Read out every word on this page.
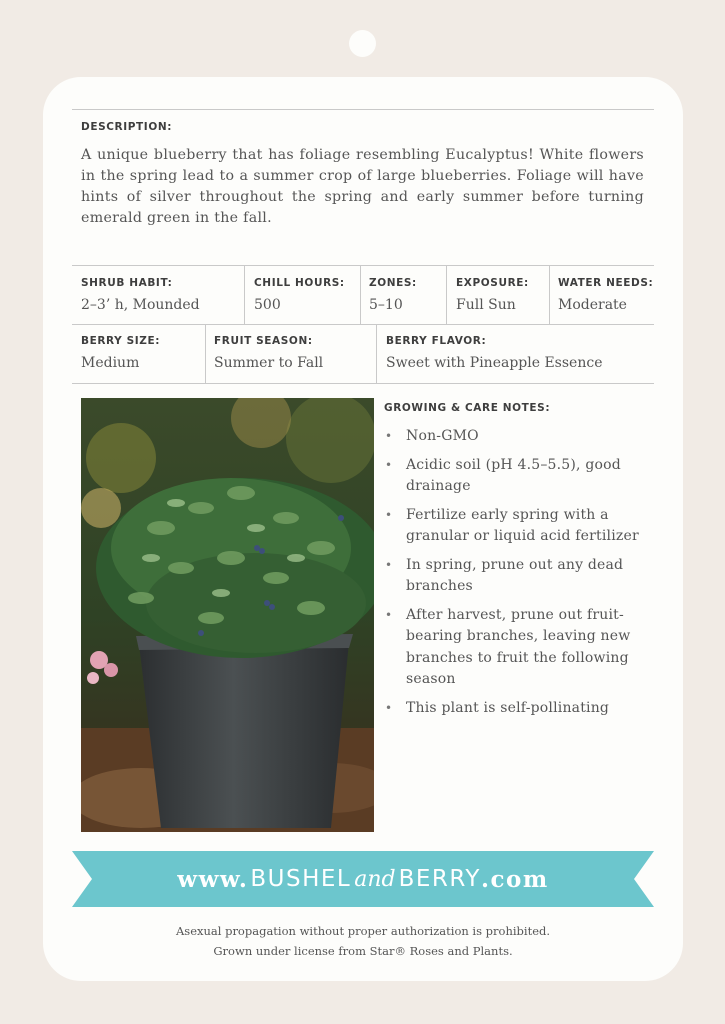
DESCRIPTION:
A unique blueberry that has foliage resembling Eucalyptus! White flowers in the spring lead to a summer crop of large blueberries. Foliage will have hints of silver throughout the spring and early summer before turning emerald green in the fall.
SHRUB HABIT:
2–3’ h, Mounded
CHILL HOURS:
500
ZONES:
5–10
EXPOSURE:
Full Sun
WATER NEEDS:
Moderate
BERRY SIZE:
Medium
FRUIT SEASON:
Summer to Fall
BERRY FLAVOR:
Sweet with Pineapple Essence
GROWING & CARE NOTES:
• Non-GMO
• Acidic soil (pH 4.5–5.5), good drainage
• Fertilize early spring with a granular or liquid acid fertilizer
• In spring, prune out any dead branches
• After harvest, prune out fruit-bearing branches, leaving new branches to fruit the following season
• This plant is self-pollinating
www. BUSHEL and BERRY .com
Asexual propagation without proper authorization is prohibited.
Grown under license from Star® Roses and Plants.
